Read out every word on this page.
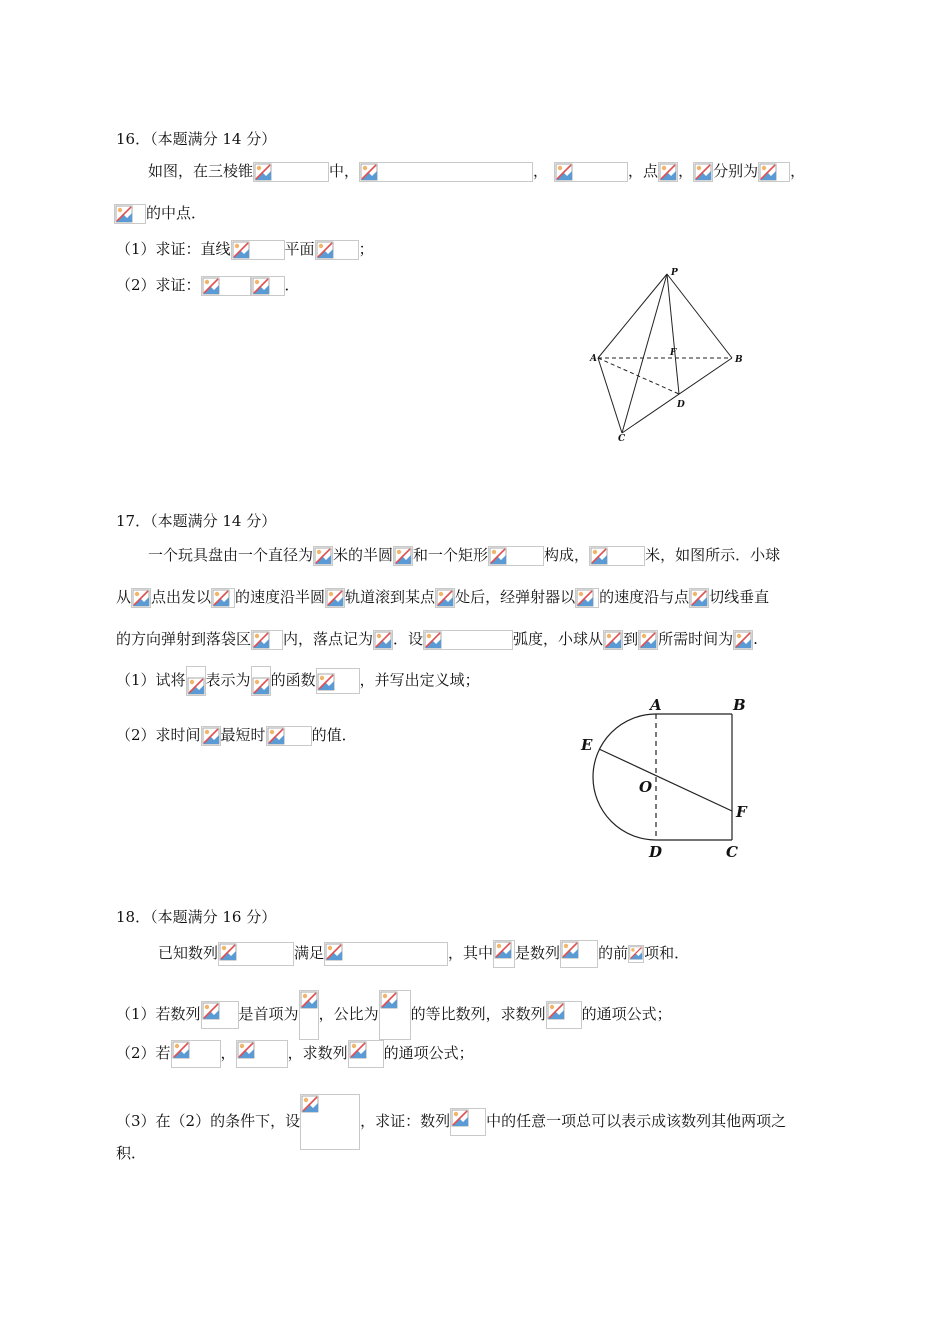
16．（本题满分 14 分）
如图，在三棱锥	中，	，	，点 ， 分别为 ，
的中点．
（1）求证：直线	平面	；
（2）求证：	．
P
A
F
B
D
C
17．（本题满分 14 分）
一个玩具盘由一个直径为 米的半圆 和一个矩形	构成，	米，如图所示．小球
从 点出发以 的速度沿半圆 轨道滚到某点 处后，经弹射器以 的速度沿与点 切线垂直
的方向弹射到落袋区 内，落点记为 ．设	弧度，小球从 到 所需时间为 .
（1）试将 表示为 的函数	，并写出定义域；
（2）求时间 最短时	的值．
A	B
E
O
F
D	C
18．（本题满分 16 分）
已知数列	满足	，其中 是数列	的前 项和．
（1）若数列	是首项为 ，公比为 的等比数列，求数列 的通项公式；
（2）若	，	，求数列 的通项公式；
（3）在（2）的条件下，设	，求证：数列 中的任意一项总可以表示成该数列其他两项之
积．
